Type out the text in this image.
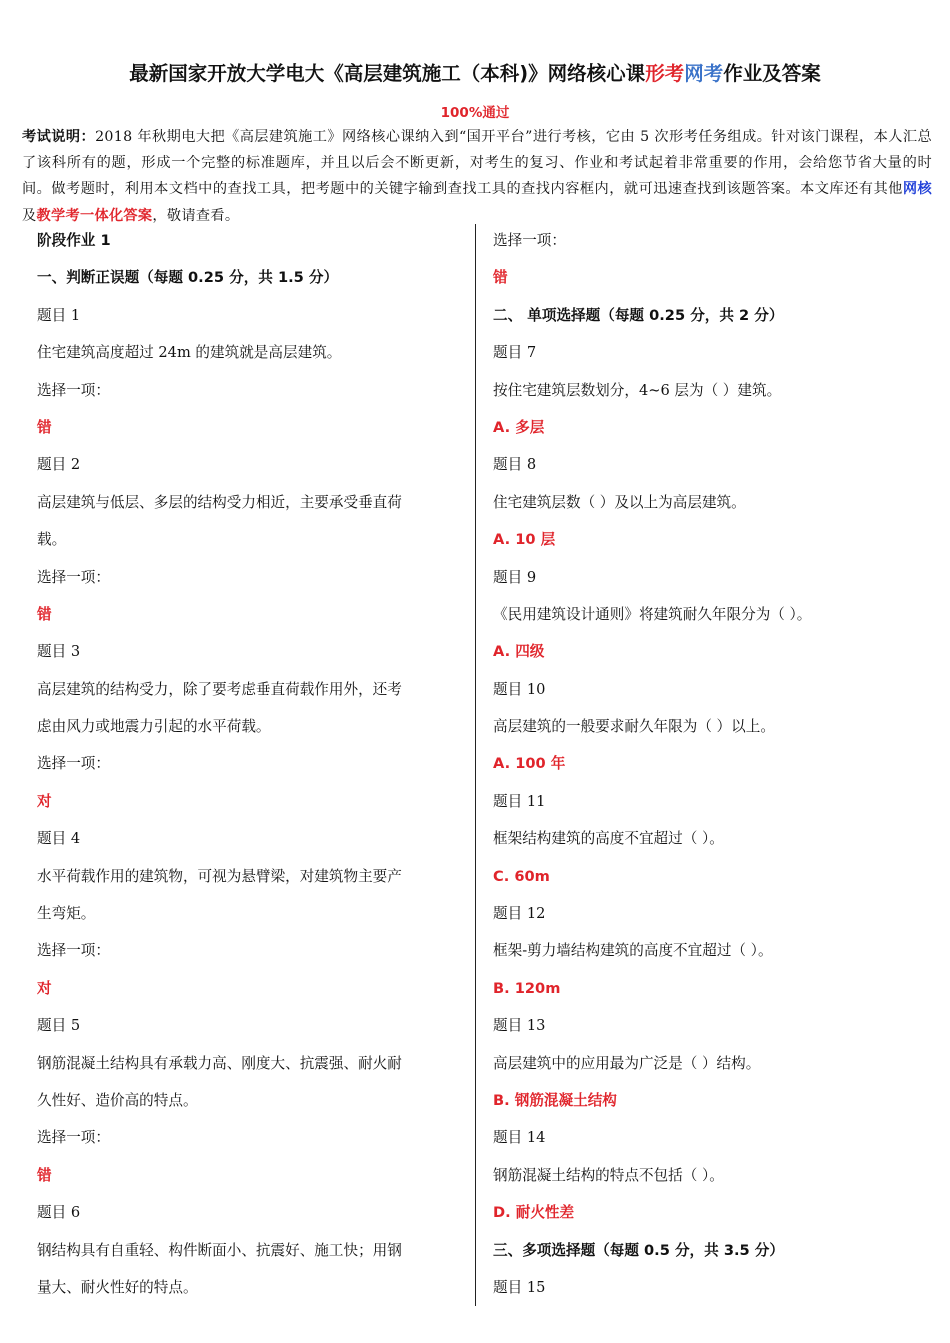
最新国家开放大学电大《高层建筑施工（本科)》网络核心课形考网考作业及答案
100%通过
考试说明：2018 年秋期电大把《高层建筑施工》网络核心课纳入到“国开平台”进行考核，它由 5 次形考任务组成。针对该门课程，本人汇总了该科所有的题，形成一个完整的标准题库，并且以后会不断更新，对考生的复习、作业和考试起着非常重要的作用，会给您节省大量的时间。做考题时，利用本文档中的查找工具，把考题中的关键字输到查找工具的查找内容框内，就可迅速查找到该题答案。本文库还有其他网核及教学考一体化答案，敬请查看。
阶段作业 1
一、判断正误题（每题 0.25 分，共 1.5 分）
题目 1
住宅建筑高度超过 24m 的建筑就是高层建筑。
选择一项：
错
题目 2
高层建筑与低层、多层的结构受力相近，主要承受垂直荷
载。
选择一项：
错
题目 3
高层建筑的结构受力，除了要考虑垂直荷载作用外，还考
虑由风力或地震力引起的水平荷载。
选择一项：
对
题目 4
水平荷载作用的建筑物，可视为悬臂梁，对建筑物主要产
生弯矩。
选择一项：
对
题目 5
钢筋混凝土结构具有承载力高、刚度大、抗震强、耐火耐
久性好、造价高的特点。
选择一项：
错
题目 6
钢结构具有自重轻、构件断面小、抗震好、施工快；用钢
量大、耐火性好的特点。
选择一项：
错
二、 单项选择题（每题 0.25 分，共 2 分）
题目 7
按住宅建筑层数划分，4~6 层为（ ）建筑。
A. 多层
题目 8
住宅建筑层数（ ）及以上为高层建筑。
A. 10 层
题目 9
《民用建筑设计通则》将建筑耐久年限分为（ ）。
A. 四级
题目 10
高层建筑的一般要求耐久年限为（ ）以上。
A. 100 年
题目 11
框架结构建筑的高度不宜超过（ ）。
C. 60m
题目 12
框架-剪力墙结构建筑的高度不宜超过（ ）。
B. 120m
题目 13
高层建筑中的应用最为广泛是（ ）结构。
B. 钢筋混凝土结构
题目 14
钢筋混凝土结构的特点不包括（ ）。
D. 耐火性差
三、多项选择题（每题 0.5 分，共 3.5 分）
题目 15
